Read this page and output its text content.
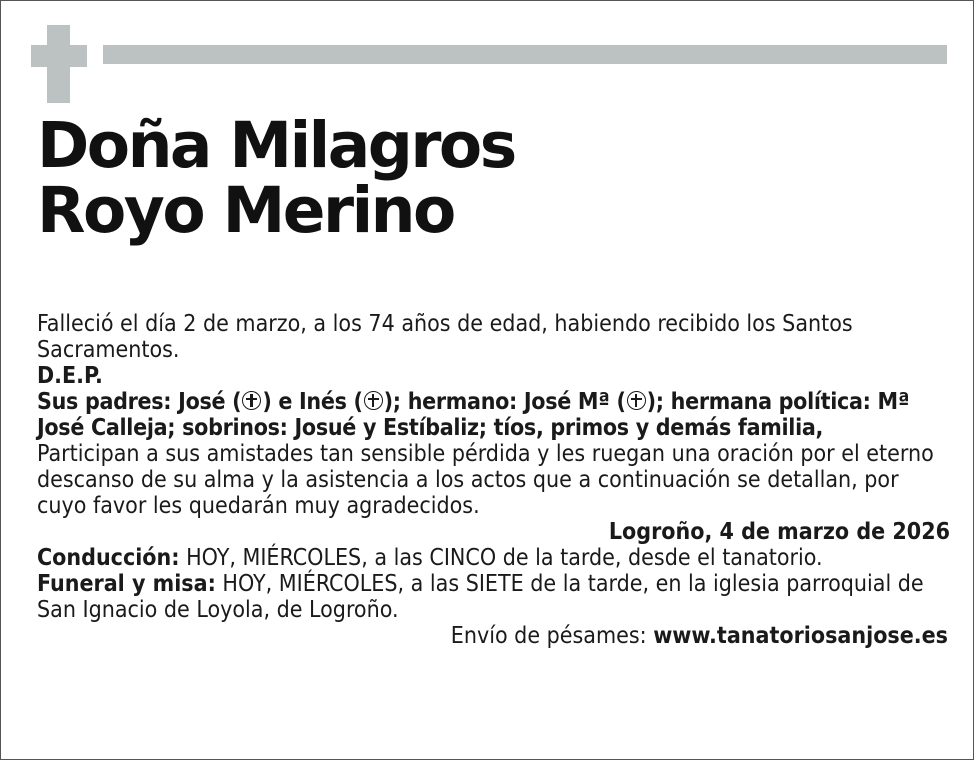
Doña Milagros
Royo Merino

Falleció el día 2 de marzo, a los 74 años de edad, habiendo recibido los Santos Sacramentos.

D.E.P.

Sus padres: José ( ) e Inés ( ); hermano: José Mª ( ); hermana política: Mª José Calleja; sobrinos: Josué y Estíbaliz; tíos, primos y demás familia,

Participan a sus amistades tan sensible pérdida y les ruegan una oración por el eterno descanso de su alma y la asistencia a los actos que a continuación se detallan, por cuyo favor les quedarán muy agradecidos.

Logroño, 4 de marzo de 2026

Conducción: HOY, MIÉRCOLES, a las CINCO de la tarde, desde el tanatorio.

Funeral y misa: HOY, MIÉRCOLES, a las SIETE de la tarde, en la iglesia parroquial de San Ignacio de Loyola, de Logroño.

Envío de pésames: www.tanatoriosanjose.es
